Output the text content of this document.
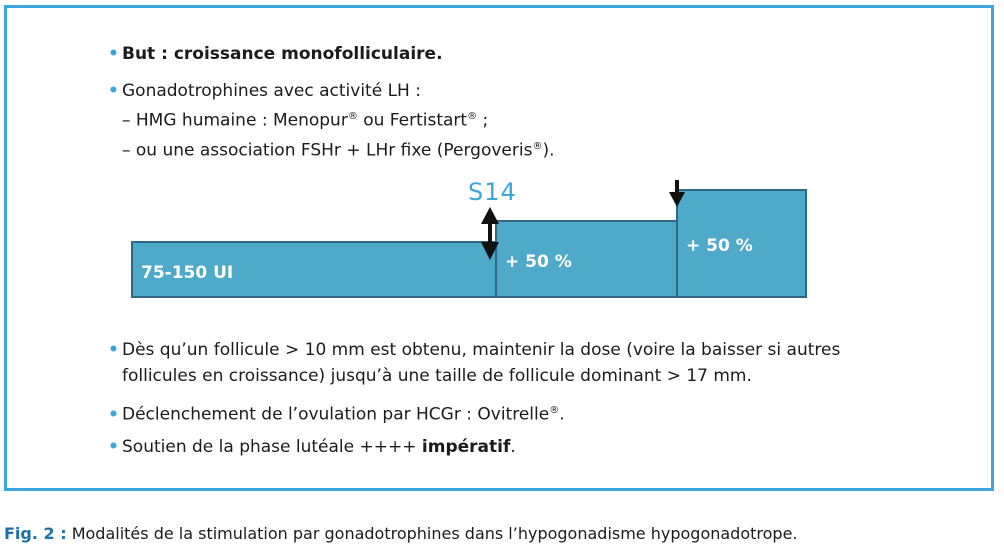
• But : croissance monofolliculaire.
• Gonadotrophines avec activité LH :
– HMG humaine : Menopur® ou Fertistart® ;
– ou une association FSHr + LHr fixe (Pergoveris®).
S14
75-150 UI
+ 50 %
+ 50 %
• Dès qu’un follicule > 10 mm est obtenu, maintenir la dose (voire la baisser si autres
follicules en croissance) jusqu’à une taille de follicule dominant > 17 mm.
• Déclenchement de l’ovulation par HCGr : Ovitrelle®.
• Soutien de la phase lutéale ++++ impératif.
Fig. 2 : Modalités de la stimulation par gonadotrophines dans l’hypogonadisme hypogonadotrope.
